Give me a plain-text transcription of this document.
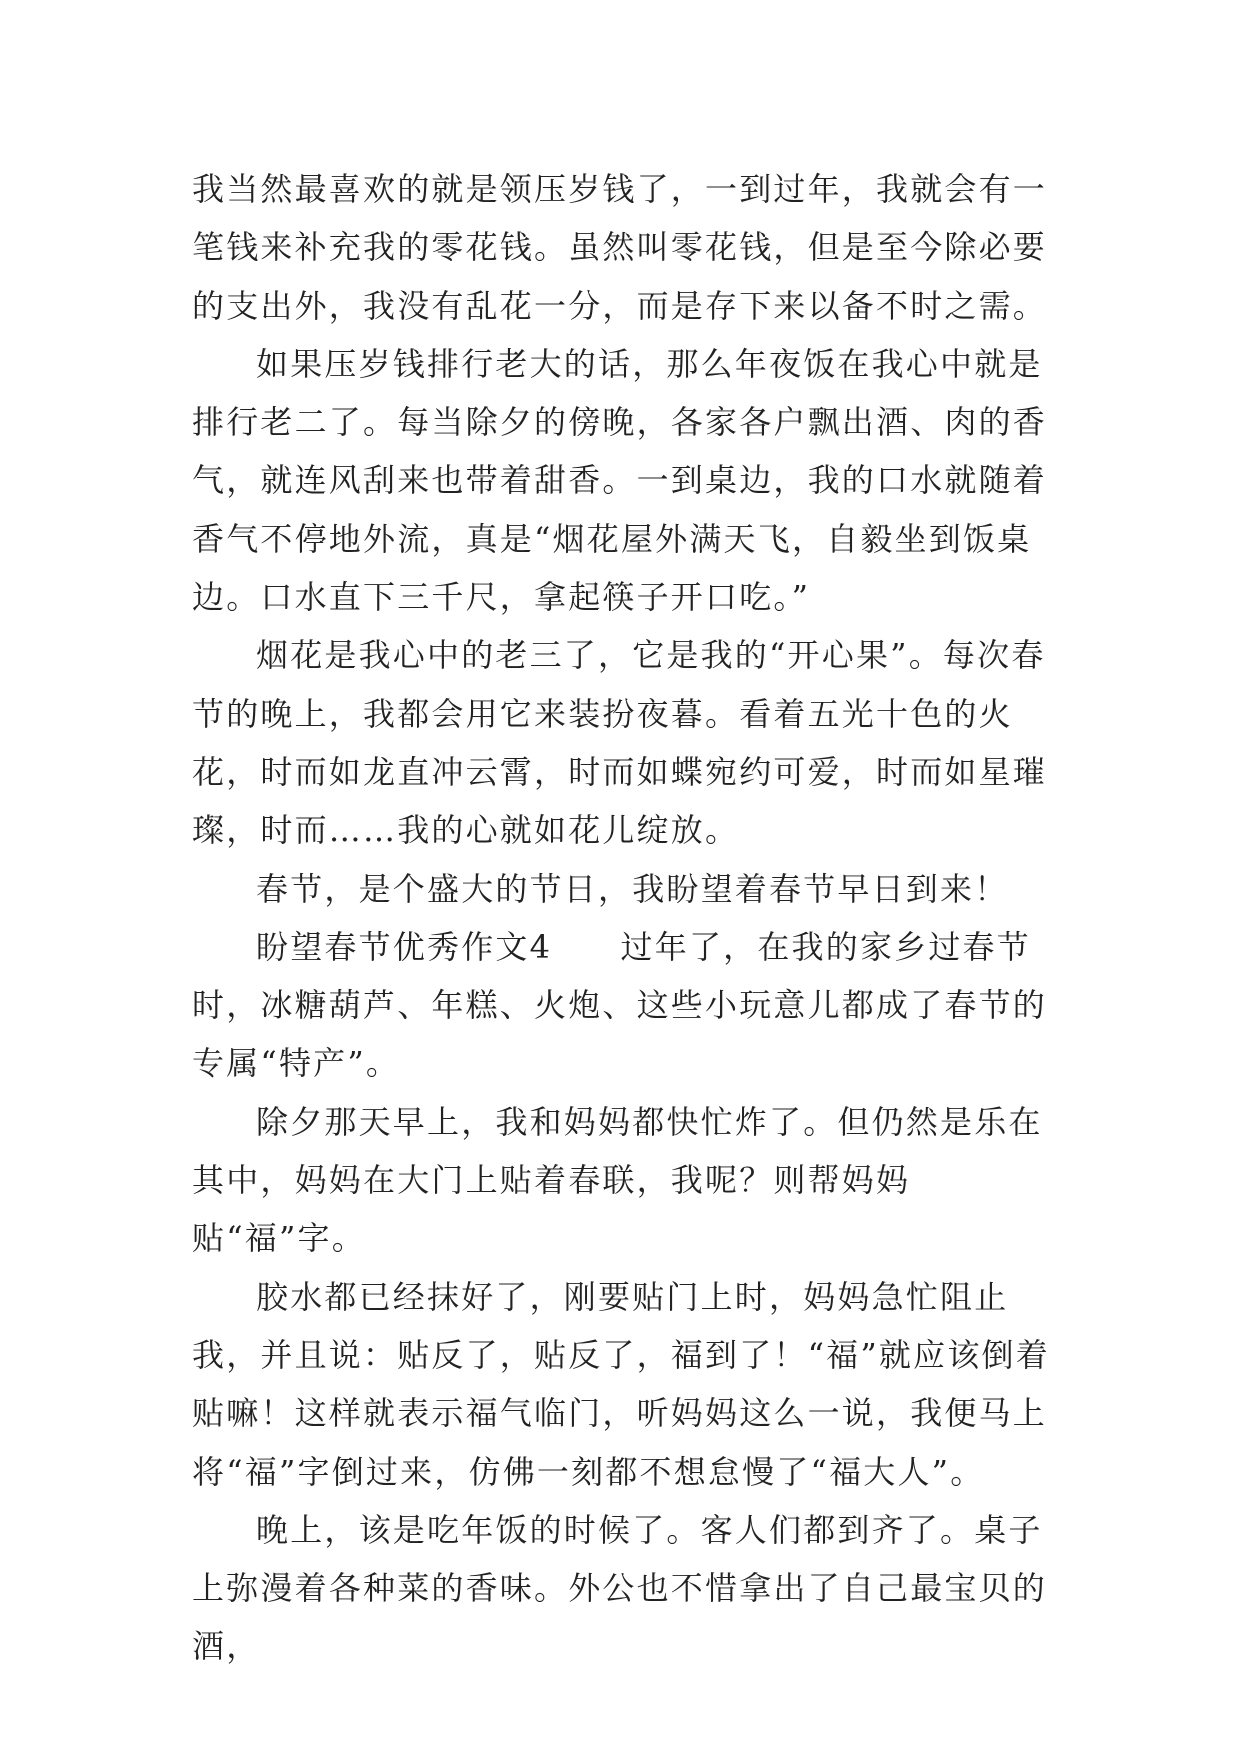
我当然最喜欢的就是领压岁钱了，一到过年，我就会有一笔钱来补充我的零花钱。虽然叫零花钱，但是至今除必要的支出外，我没有乱花一分，而是存下来以备不时之需。

如果压岁钱排行老大的话，那么年夜饭在我心中就是排行老二了。每当除夕的傍晚，各家各户飘出酒、肉的香气，就连风刮来也带着甜香。一到桌边，我的口水就随着香气不停地外流，真是“烟花屋外满天飞，自毅坐到饭桌边。口水直下三千尺，拿起筷子开口吃。”

烟花是我心中的老三了，它是我的“开心果”。每次春节的晚上，我都会用它来装扮夜暮。看着五光十色的火花，时而如龙直冲云霄，时而如蝶宛约可爱，时而如星璀璨，时而……我的心就如花儿绽放。

春节，是个盛大的节日，我盼望着春节早日到来！

盼望春节优秀作文4　　过年了，在我的家乡过春节时，冰糖葫芦、年糕、火炮、这些小玩意儿都成了春节的专属“特产”。

除夕那天早上，我和妈妈都快忙炸了。但仍然是乐在其中，妈妈在大门上贴着春联，我呢？则帮妈妈贴“福”字。

胶水都已经抹好了，刚要贴门上时，妈妈急忙阻止我，并且说：贴反了，贴反了，福到了！“福”就应该倒着贴嘛！这样就表示福气临门，听妈妈这么一说，我便马上将“福”字倒过来，仿佛一刻都不想怠慢了“福大人”。

晚上，该是吃年饭的时候了。客人们都到齐了。桌子上弥漫着各种菜的香味。外公也不惜拿出了自己最宝贝的酒，
